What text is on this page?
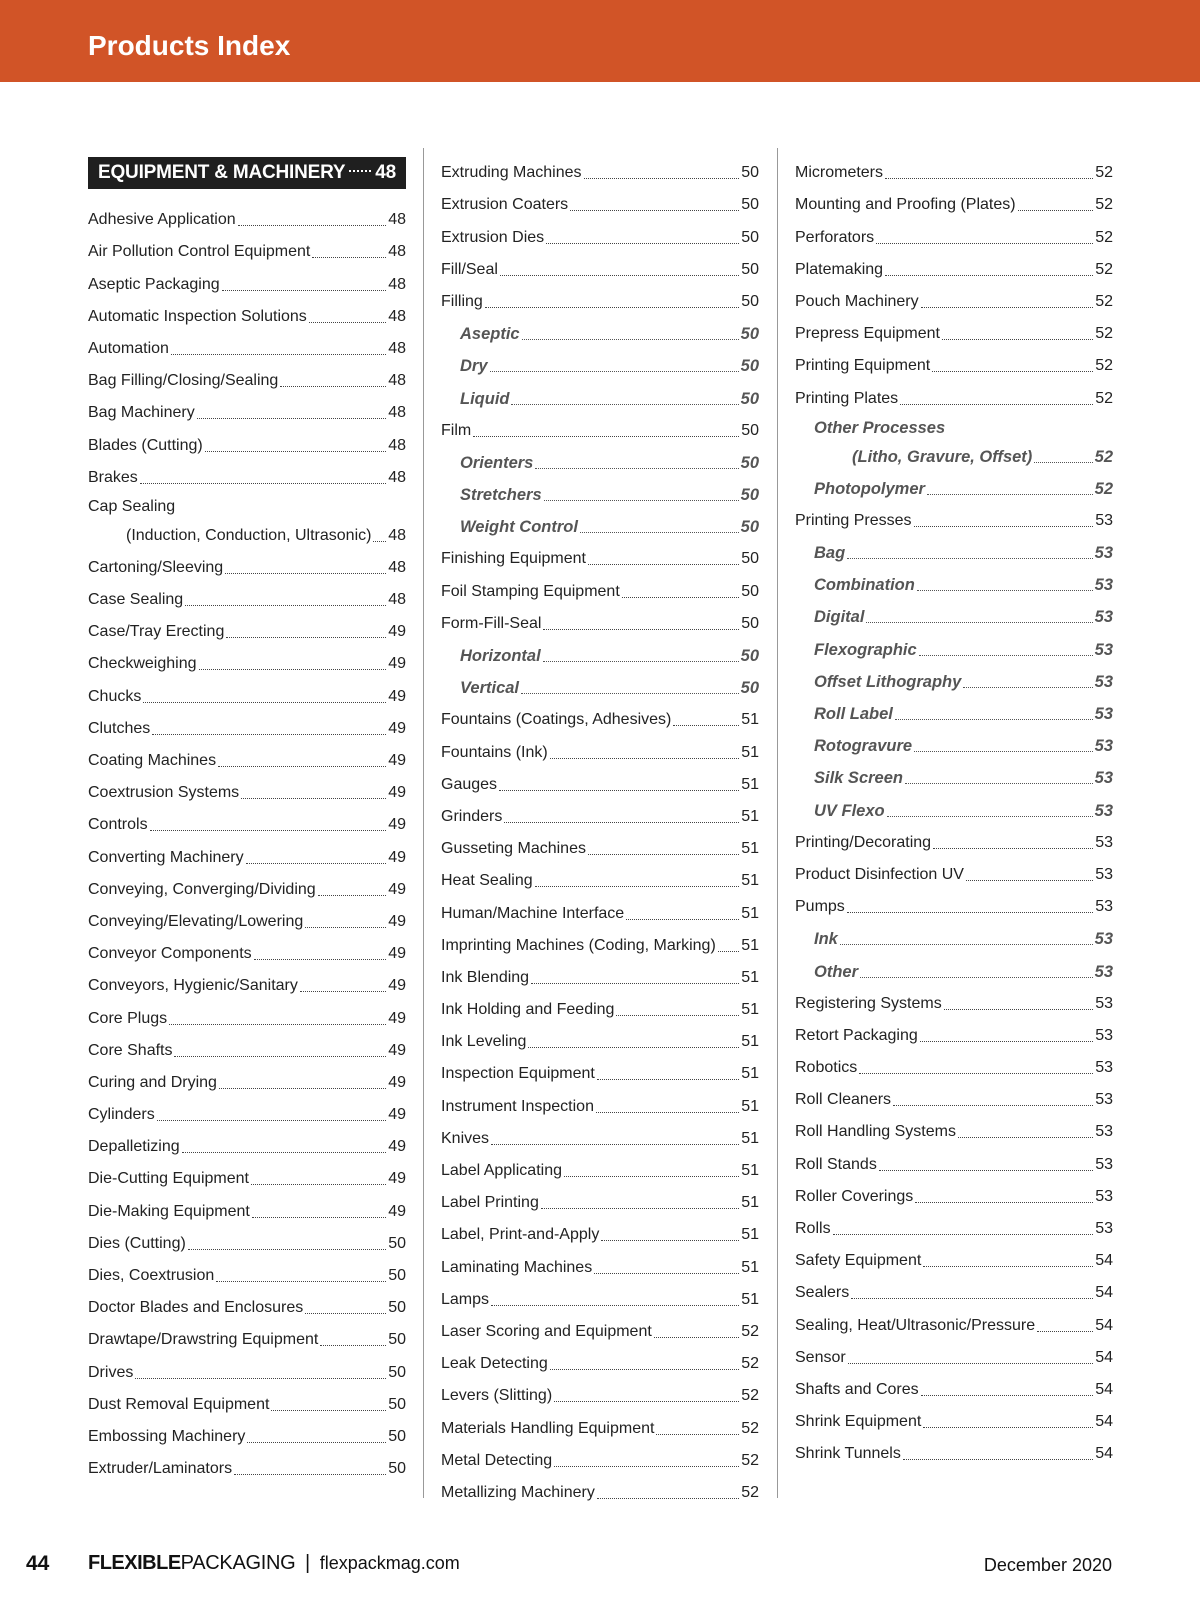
Products Index
EQUIPMENT & MACHINERY 48
Adhesive Application	48
Air Pollution Control Equipment	48
Aseptic Packaging	48
Automatic Inspection Solutions	48
Automation	48
Bag Filling/Closing/Sealing	48
Bag Machinery	48
Blades (Cutting)	48
Brakes	48
Cap Sealing
(Induction, Conduction, Ultrasonic) 48
Cartoning/Sleeving	48
Case Sealing	48
Case/Tray Erecting	49
Checkweighing	49
Chucks	49
Clutches	49
Coating Machines	49
Coextrusion Systems	49
Controls	49
Converting Machinery	49
Conveying, Converging/Dividing	49
Conveying/Elevating/Lowering	49
Conveyor Components	49
Conveyors, Hygienic/Sanitary	49
Core Plugs	49
Core Shafts	49
Curing and Drying	49
Cylinders	49
Depalletizing	49
Die-Cutting Equipment	49
Die-Making Equipment	49
Dies (Cutting)	50
Dies, Coextrusion	50
Doctor Blades and Enclosures	50
Drawtape/Drawstring Equipment	50
Drives	50
Dust Removal Equipment	50
Embossing Machinery	50
Extruder/Laminators	50
Extruding Machines	50
Extrusion Coaters	50
Extrusion Dies	50
Fill/Seal	50
Filling	50
Aseptic	50
Dry	50
Liquid	50
Film	50
Orienters	50
Stretchers	50
Weight Control	50
Finishing Equipment	50
Foil Stamping Equipment	50
Form-Fill-Seal	50
Horizontal	50
Vertical	50
Fountains (Coatings, Adhesives)	51
Fountains (Ink)	51
Gauges	51
Grinders	51
Gusseting Machines	51
Heat Sealing	51
Human/Machine Interface	51
Imprinting Machines (Coding, Marking) 51
Ink Blending	51
Ink Holding and Feeding	51
Ink Leveling	51
Inspection Equipment	51
Instrument Inspection	51
Knives	51
Label Applicating	51
Label Printing	51
Label, Print-and-Apply	51
Laminating Machines	51
Lamps	51
Laser Scoring and Equipment	52
Leak Detecting	52
Levers (Slitting)	52
Materials Handling Equipment	52
Metal Detecting	52
Metallizing Machinery	52
Micrometers	52
Mounting and Proofing (Plates)	52
Perforators	52
Platemaking	52
Pouch Machinery	52
Prepress Equipment	52
Printing Equipment	52
Printing Plates	52
Other Processes
(Litho, Gravure, Offset)	52
Photopolymer	52
Printing Presses	53
Bag	53
Combination	53
Digital	53
Flexographic	53
Offset Lithography	53
Roll Label	53
Rotogravure	53
Silk Screen	53
UV Flexo	53
Printing/Decorating	53
Product Disinfection UV	53
Pumps	53
Ink	53
Other	53
Registering Systems	53
Retort Packaging	53
Robotics	53
Roll Cleaners	53
Roll Handling Systems	53
Roll Stands	53
Roller Coverings	53
Rolls	53
Safety Equipment	54
Sealers	54
Sealing, Heat/Ultrasonic/Pressure	54
Sensor	54
Shafts and Cores	54
Shrink Equipment	54
Shrink Tunnels	54
44 FLEXIBLEPACKAGING | flexpackmag.com	December 2020
